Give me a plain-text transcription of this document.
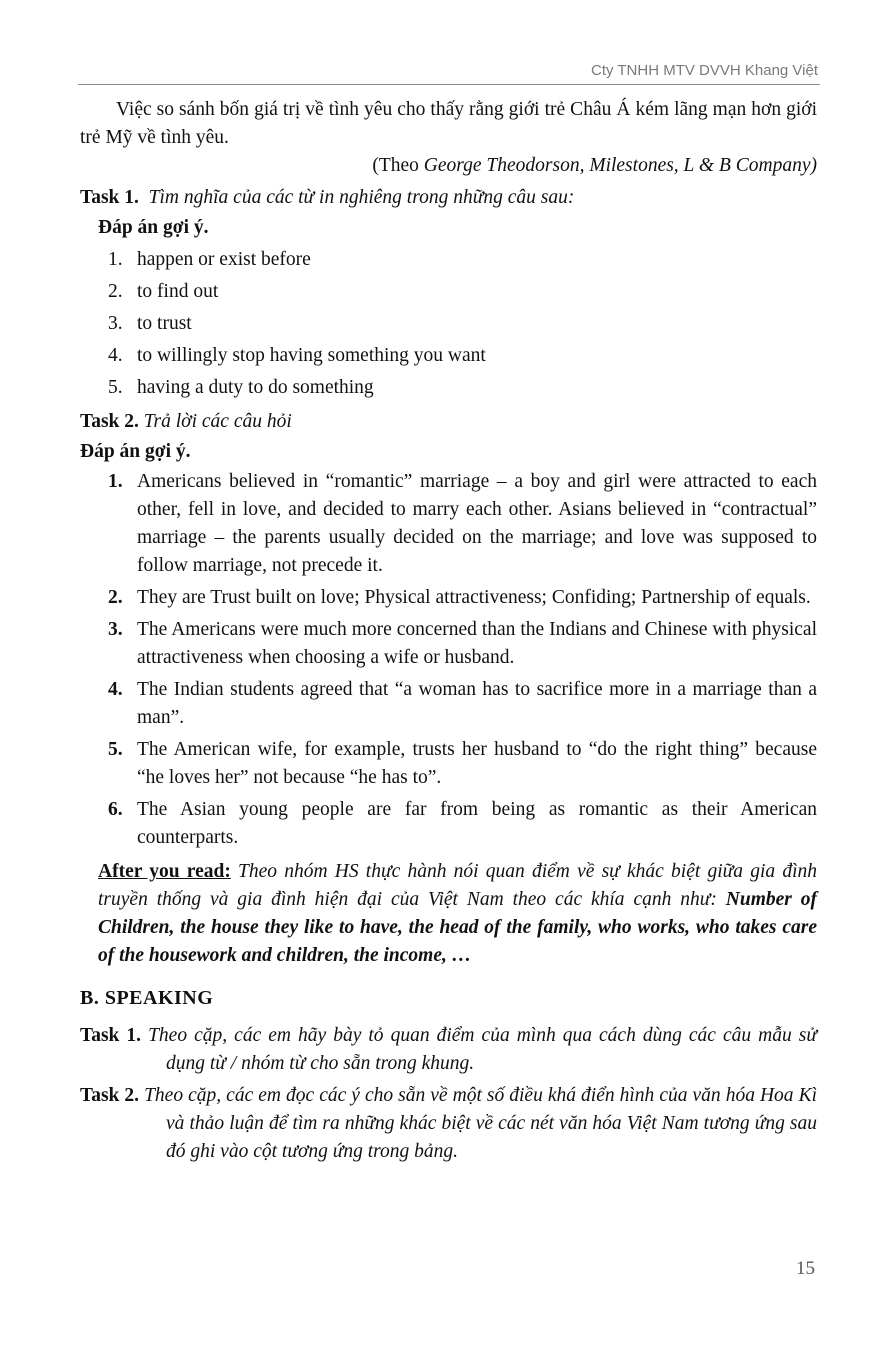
Cty TNHH MTV DVVH Khang Việt

Việc so sánh bốn giá trị về tình yêu cho thấy rằng giới trẻ Châu Á kém lãng mạn hơn giới trẻ Mỹ về tình yêu.

(Theo George Theodorson, Milestones, L & B Company)

Task 1. Tìm nghĩa của các từ in nghiêng trong những câu sau:

Đáp án gợi ý.

1. happen or exist before
2. to find out
3. to trust
4. to willingly stop having something you want
5. having a duty to do something

Task 2. Trả lời các câu hỏi

Đáp án gợi ý.

1. Americans believed in “romantic” marriage – a boy and girl were attracted to each other, fell in love, and decided to marry each other. Asians believed in “contractual” marriage – the parents usually decided on the marriage; and love was supposed to follow marriage, not precede it.
2. They are Trust built on love; Physical attractiveness; Confiding; Partnership of equals.
3. The Americans were much more concerned than the Indians and Chinese with physical attractiveness when choosing a wife or husband.
4. The Indian students agreed that “a woman has to sacrifice more in a marriage than a man”.
5. The American wife, for example, trusts her husband to “do the right thing” because “he loves her” not because “he has to”.
6. The Asian young people are far from being as romantic as their American counterparts.

After you read: Theo nhóm HS thực hành nói quan điểm về sự khác biệt giữa gia đình truyền thống và gia đình hiện đại của Việt Nam theo các khía cạnh như: Number of Children, the house they like to have, the head of the family, who works, who takes care of the housework and children, the income, …

B. SPEAKING

Task 1. Theo cặp, các em hãy bày tỏ quan điểm của mình qua cách dùng các câu mẫu sử dụng từ / nhóm từ cho sẵn trong khung.

Task 2. Theo cặp, các em đọc các ý cho sẵn về một số điều khá điển hình của văn hóa Hoa Kì và thảo luận để tìm ra những khác biệt về các nét văn hóa Việt Nam tương ứng sau đó ghi vào cột tương ứng trong bảng.

15
